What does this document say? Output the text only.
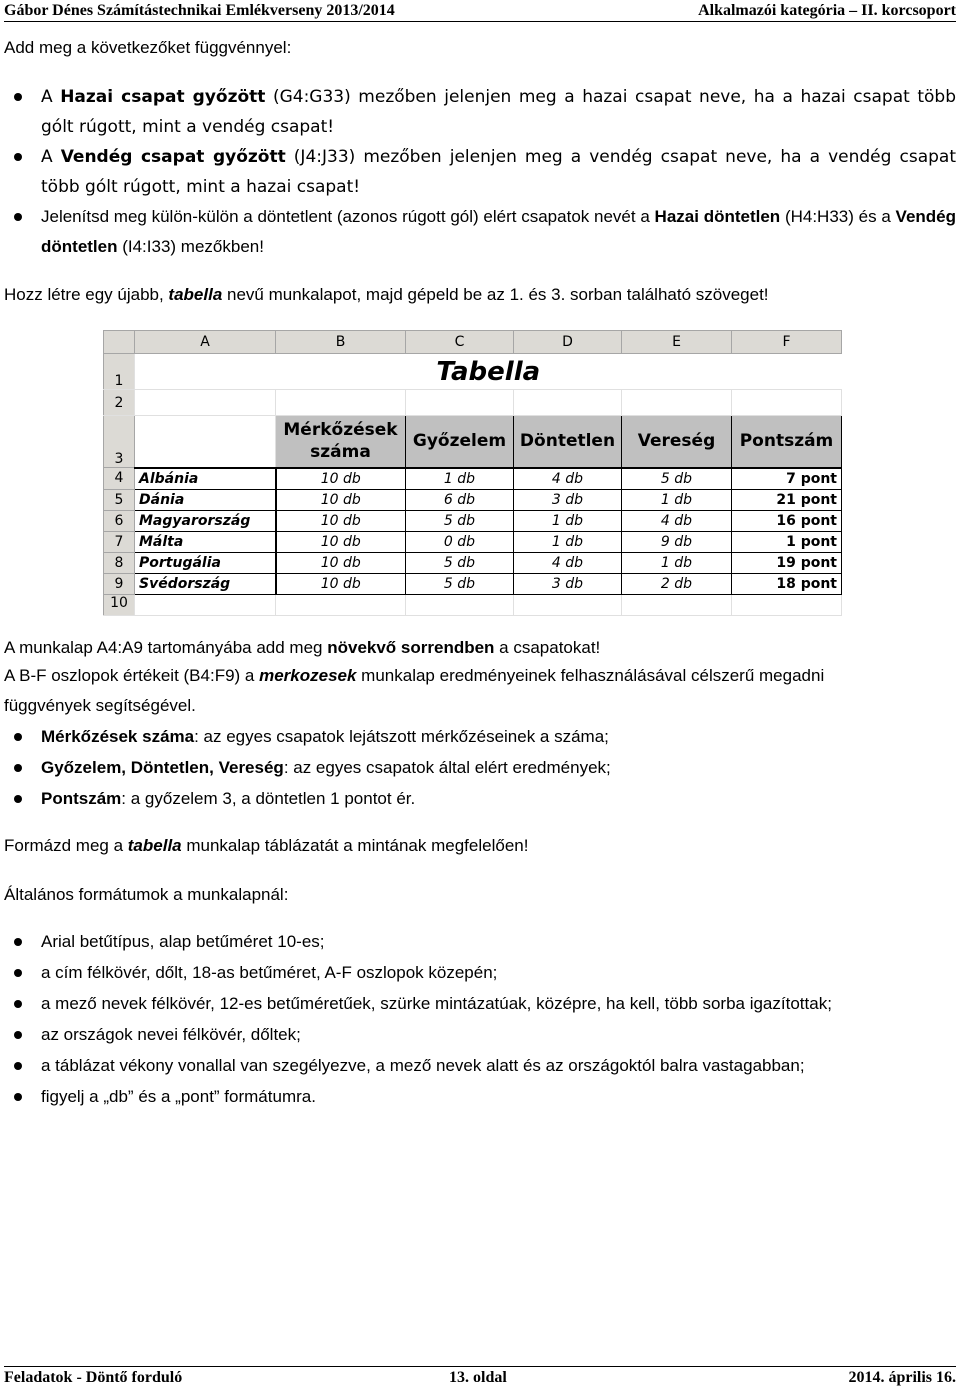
Gábor Dénes Számítástechnikai Emlékverseny 2013/2014	Alkalmazói kategória – II. korcsoport
Add meg a következőket függvénnyel:
A Hazai csapat győzött (G4:G33) mezőben jelenjen meg a hazai csapat neve, ha a hazai csapat több gólt rúgott, mint a vendég csapat!
A Vendég csapat győzött (J4:J33) mezőben jelenjen meg a vendég csapat neve, ha a vendég csapat több gólt rúgott, mint a hazai csapat!
Jelenítsd meg külön-külön a döntetlent (azonos rúgott gól) elért csapatok nevét a Hazai döntetlen (H4:H33) és a Vendég döntetlen (I4:I33) mezőkben!
Hozz létre egy újabb, tabella nevű munkalapot, majd gépeld be az 1. és 3. sorban található szöveget!
	A	B	C	D	E	F
1	Tabella					
2						
3		Mérkőzések száma	Győzelem	Döntetlen	Vereség	Pontszám
4	Albánia	10 db	1 db	4 db	5 db	7 pont
5	Dánia	10 db	6 db	3 db	1 db	21 pont
6	Magyarország	10 db	5 db	1 db	4 db	16 pont
7	Málta	10 db	0 db	1 db	9 db	1 pont
8	Portugália	10 db	5 db	4 db	1 db	19 pont
9	Svédország	10 db	5 db	3 db	2 db	18 pont
10						
A munkalap A4:A9 tartományába add meg növekvő sorrendben a csapatokat!
A B-F oszlopok értékeit (B4:F9) a merkozesek munkalap eredményeinek felhasználásával célszerű megadni
függvények segítségével.
Mérkőzések száma: az egyes csapatok lejátszott mérkőzéseinek a száma;
Győzelem, Döntetlen, Vereség: az egyes csapatok által elért eredmények;
Pontszám: a győzelem 3, a döntetlen 1 pontot ér.
Formázd meg a tabella munkalap táblázatát a mintának megfelelően!
Általános formátumok a munkalapnál:
Arial betűtípus, alap betűméret 10-es;
a cím félkövér, dőlt, 18-as betűméret, A-F oszlopok közepén;
a mező nevek félkövér, 12-es betűméretűek, szürke mintázatúak, középre, ha kell, több sorba igazítottak;
az országok nevei félkövér, dőltek;
a táblázat vékony vonallal van szegélyezve, a mező nevek alatt és az országoktól balra vastagabban;
figyelj a „db” és a „pont” formátumra.
Feladatok - Döntő forduló	13. oldal	2014. április 16.
